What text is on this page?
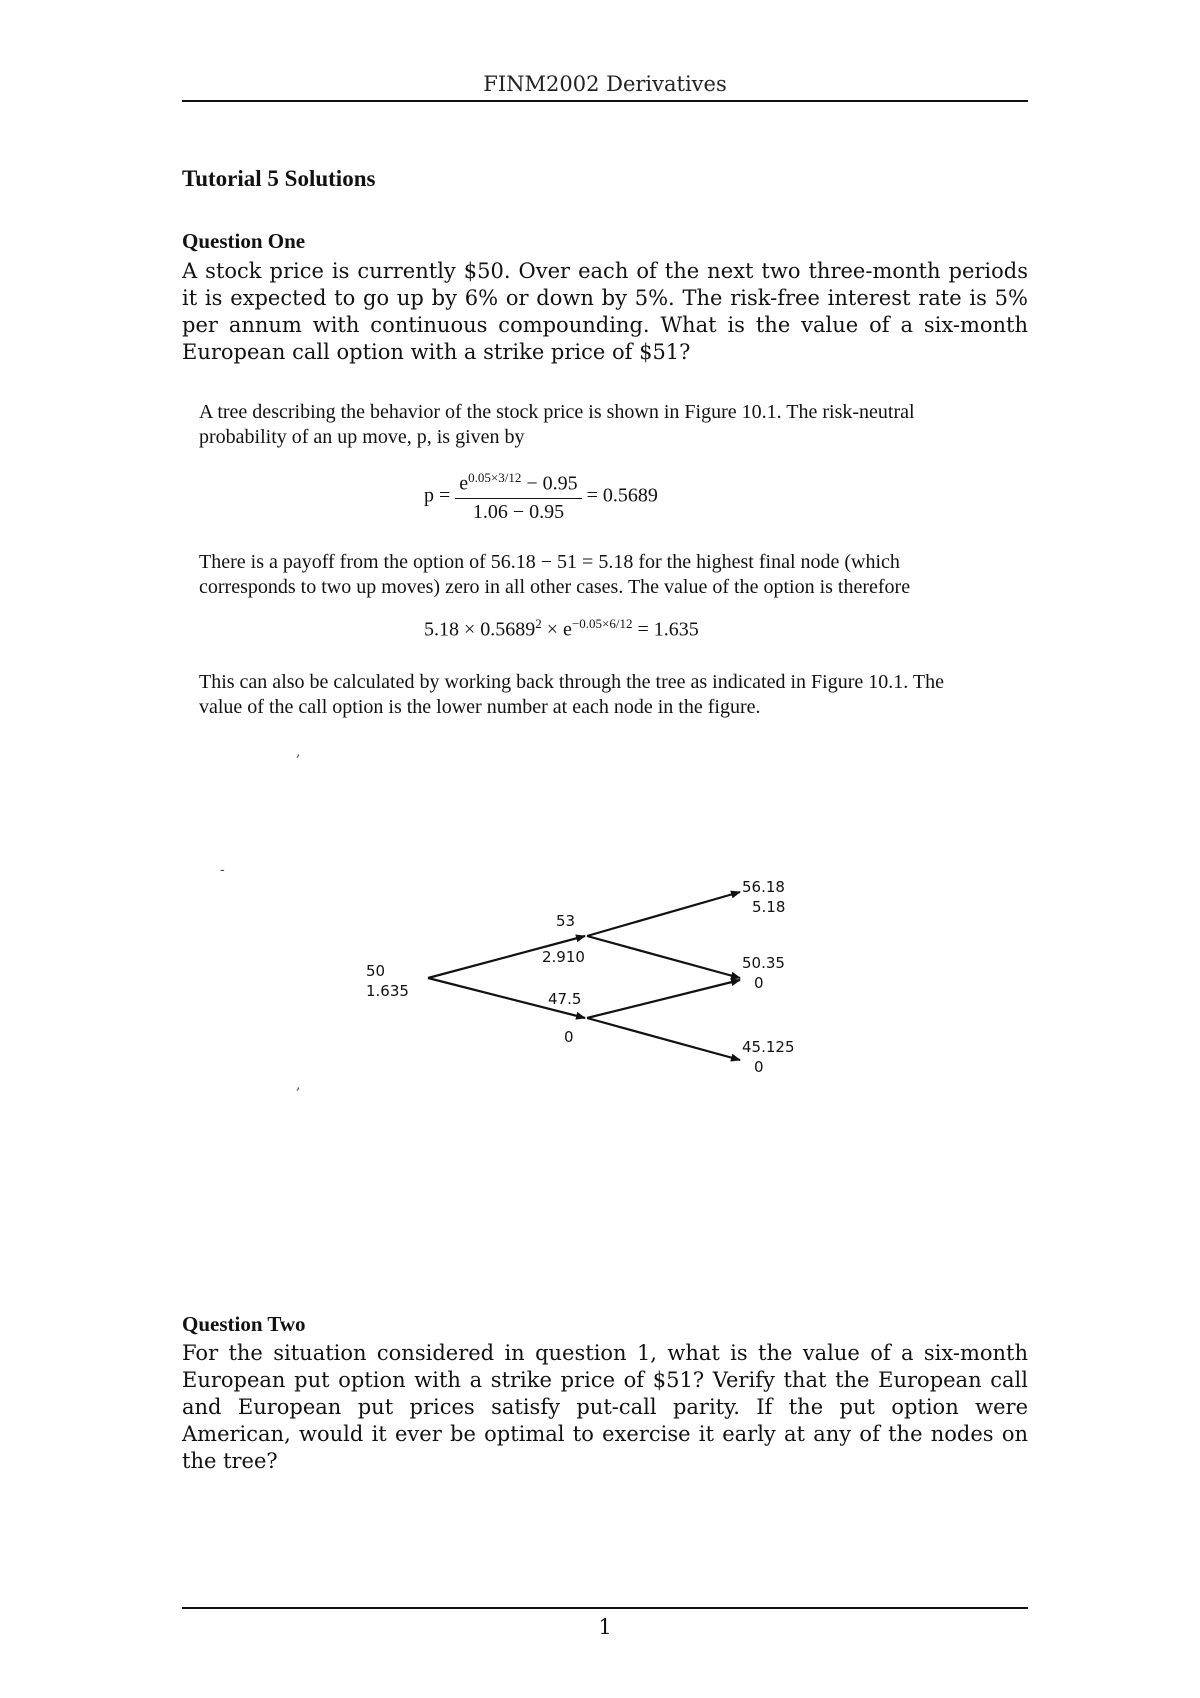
FINM2002 Derivatives
Tutorial 5 Solutions
Question One

A stock price is currently $50. Over each of the next two three-month periods it is expected to go up by 6% or down by 5%. The risk-free interest rate is 5% per annum with continuous compounding. What is the value of a six-month European call option with a strike price of $51?

A tree describing the behavior of the stock price is shown in Figure 10.1. The risk-neutral probability of an up move, p, is given by

$p = \frac{e^{0.05\times 3/12} - 0.95}{1.06 - 0.95} = 0.5689$

There is a payoff from the option of 56.18 − 51 = 5.18 for the highest final node (which corresponds to two up moves) zero in all other cases. The value of the option is therefore

$5.18 \times 0.5689^2 \times e^{-0.05\times 6/12} = 1.635$

This can also be calculated by working back through the tree as indicated in Figure 10.1. The value of the call option is the lower number at each node in the figure.

,
,
-
50
1.635
53
2.910
47.5
0
56.18
5.18
50.35
0
45.125
0
Question Two

For the situation considered in question 1, what is the value of a six-month European put option with a strike price of $51? Verify that the European call and European put prices satisfy put-call parity. If the put option were American, would it ever be optimal to exercise it early at any of the nodes on the tree?

1
